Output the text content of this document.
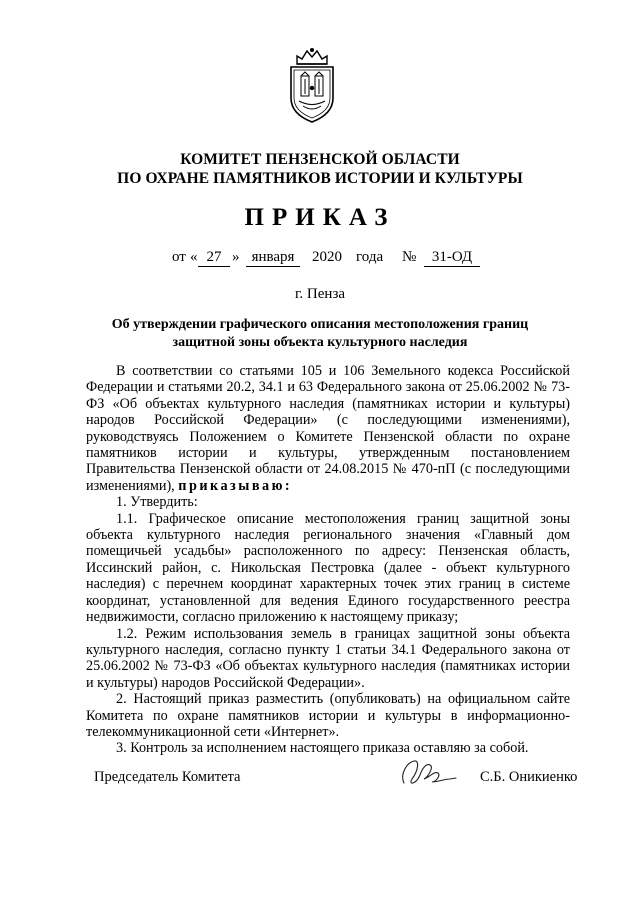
КОМИТЕТ ПЕНЗЕНСКОЙ ОБЛАСТИ
ПО ОХРАНЕ ПАМЯТНИКОВ ИСТОРИИ И КУЛЬТУРЫ
ПРИКАЗ
от « 27 » января	2020 года №	31-ОД
г. Пенза
Об утверждении графического описания местоположения границ
защитной зоны объекта культурного наследия

В соответствии со статьями 105 и 106 Земельного кодекса Российской Федерации и статьями 20.2, 34.1 и 63 Федерального закона от 25.06.2002 № 73-ФЗ «Об объектах культурного наследия (памятниках истории и культуры) народов Российской Федерации» (с последующими изменениями), руководствуясь Положением о Комитете Пензенской области по охране памятников истории и культуры, утвержденным постановлением Правительства Пензенской области от 24.08.2015 № 470-пП (с последующими изменениями), приказываю:

1. Утвердить:

1.1. Графическое описание местоположения границ защитной зоны объекта культурного наследия регионального значения «Главный дом помещичьей усадьбы» расположенного по адресу: Пензенская область, Иссинский район, с. Никольская Пестровка (далее - объект культурного наследия) с перечнем координат характерных точек этих границ в системе координат, установленной для ведения Единого государственного реестра недвижимости, согласно приложению к настоящему приказу;

1.2. Режим использования земель в границах защитной зоны объекта культурного наследия, согласно пункту 1 статьи 34.1 Федерального закона от 25.06.2002 № 73-ФЗ «Об объектах культурного наследия (памятниках истории и культуры) народов Российской Федерации».

2. Настоящий приказ разместить (опубликовать) на официальном сайте Комитета по охране памятников истории и культуры в информационно-телекоммуникационной сети «Интернет».

3. Контроль за исполнением настоящего приказа оставляю за собой.

Председатель Комитета	С.Б. Оникиенко
